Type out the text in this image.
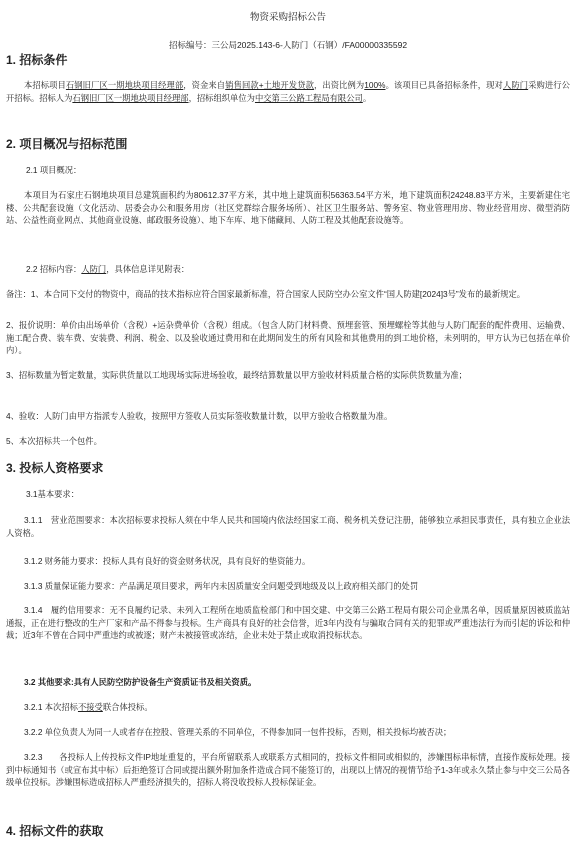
物资采购招标公告
招标编号：三公局2025.143-6-人防门（石钢）/FA00000335592
1. 招标条件
本招标项目石钢旧厂区一期地块项目经理部，资金来自销售回款+土地开发贷款，出资比例为100%。该项目已具备招标条件，现对人防门采购进行公开招标。招标人为石钢旧厂区一期地块项目经理部，招标组织单位为中交第三公路工程局有限公司。
2. 项目概况与招标范围
2.1 项目概况：
本项目为石家庄石钢地块项目总建筑面积约为80612.37平方米，其中地上建筑面积56363.54平方米，地下建筑面积24248.83平方米，主要新建住宅楼、公共配套设施（文化活动、居委会办公和服务用房（社区党群综合服务场所）、社区卫生服务站、警务室、物业管理用房、物业经营用房、微型消防站、公益性商业网点、其他商业设施、邮政服务设施）、地下车库、地下储藏间、人防工程及其他配套设施等。
2.2 招标内容：人防门，具体信息详见附表：
备注：1、本合同下交付的物资中，商品的技术指标应符合国家最新标准，符合国家人民防空办公室文件“国人防建[2024]3号”发布的最新规定。
2、报价说明：单价由出场单价（含税）+运杂费单价（含税）组成。（包含人防门材料费、预埋套管、预埋螺栓等其他与人防门配套的配件费用、运输费、施工配合费、装车费、安装费、利润、税金、以及验收通过费用和在此期间发生的所有风险和其他费用的到工地价格，未列明的，甲方认为已包括在单价内）。
3、招标数量为暂定数量，实际供货量以工地现场实际进场验收，最终结算数量以甲方验收材料质量合格的实际供货数量为准；
4、验收：人防门由甲方指派专人验收，按照甲方签收人员实际签收数量计数，以甲方验收合格数量为准。
5、本次招标共一个包件。
3. 投标人资格要求
3.1基本要求：
3.1.1　营业范围要求：本次招标要求投标人须在中华人民共和国境内依法经国家工商、税务机关登记注册，能够独立承担民事责任，具有独立企业法人资格。
3.1.2 财务能力要求：投标人具有良好的资金财务状况，具有良好的垫资能力。
3.1.3 质量保证能力要求：产品满足项目要求，两年内未因质量安全问题受到地级及以上政府相关部门的处罚
3.1.4　履约信用要求：无不良履约记录、未列入工程所在地质监检部门和中国交建、中交第三公路工程局有限公司企业黑名单，因质量原因被质监站通报，正在进行整改的生产厂家和产品不得参与投标。生产商具有良好的社会信誉，近3年内没有与骗取合同有关的犯罪或严重违法行为而引起的诉讼和仲裁；近3年不曾在合同中严重违约或被逐；财产未被接管或冻结，企业未处于禁止或取消投标状态。
3.2 其他要求:具有人民防空防护设备生产资质证书及相关资质。
3.2.1 本次招标不接受联合体投标。
3.2.2 单位负责人为同一人或者存在控股、管理关系的不同单位，不得参加同一包件投标，否则，相关投标均被否决；
3.2.3　　各投标人上传投标文件IP地址重复的，平台所留联系人或联系方式相同的，投标文件相同或相似的，涉嫌围标串标情，直接作废标处理。接到中标通知书（或宣布其中标）后拒绝签订合同或提出额外附加条件造成合同不能签订的，出现以上情况的视情节给予1-3年或永久禁止参与中交三公局各级单位投标。涉嫌围标造成招标人严重经济损失的，招标人将没收投标人投标保证金。
4. 招标文件的获取
